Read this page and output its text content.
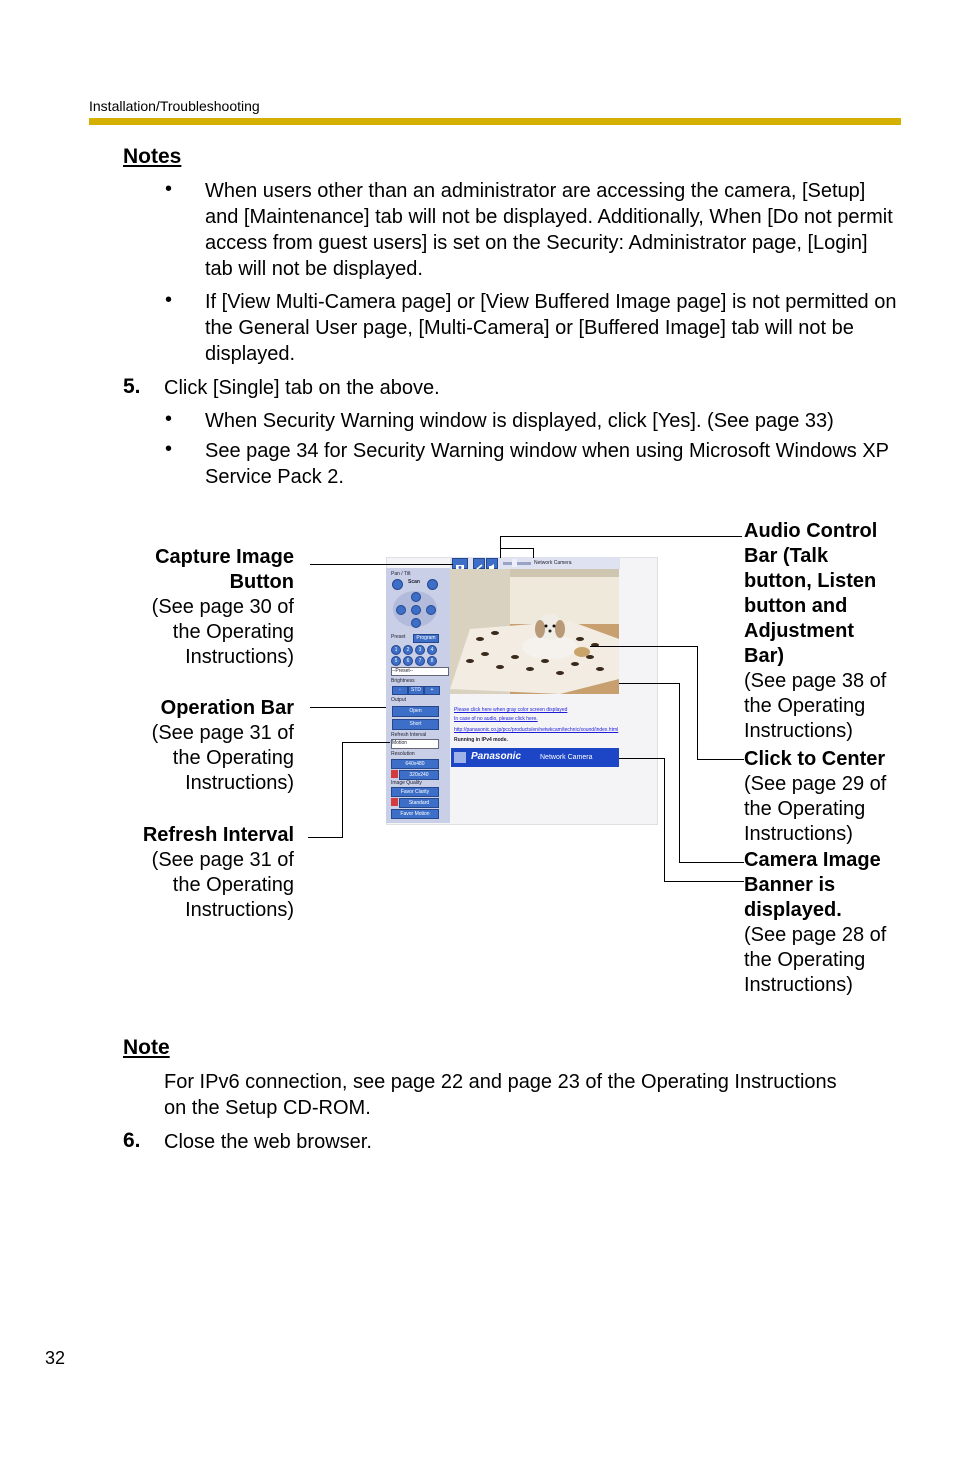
Installation/Troubleshooting
Notes
• When users other than an administrator are accessing the camera, [Setup] and [Maintenance] tab will not be displayed. Additionally, When [Do not permit access from guest users] is set on the Security: Administrator page, [Login] tab will not be displayed.
• If [View Multi-Camera page] or [View Buffered Image page] is not permitted on the General User page, [Multi-Camera] or [Buffered Image] tab will not be displayed.
5. Click [Single] tab on the above.
• When Security Warning window is displayed, click [Yes]. (See page 33)
• See page 34 for Security Warning window when using Microsoft Windows XP Service Pack 2.
Capture Image
Button
(See page 30 of
the Operating
Instructions)
Operation Bar
(See page 31 of
the Operating
Instructions)
Refresh Interval
(See page 31 of
the Operating
Instructions)
Audio Control
Bar (Talk
button, Listen
button and
Adjustment
Bar)
(See page 38 of
the Operating
Instructions)
Click to Center
(See page 29 of
the Operating
Instructions)
Camera Image
Banner is
displayed.
(See page 28 of
the Operating
Instructions)
Network Camera
Pan / Tilt
Scan
Preset	Program
1	2	3	4
5	6	7	8
--Preset--
Brightness
-	STD	+
Output
Open
Short
Refresh Interval
Motion
Resolution
640x480
320x240
Image Quality
Favor Clarity
Standard
Favor Motion
Please click here when gray color screen displayed
In case of no audio, please click here.
http://panasonic.co.jp/pcc/products/en/netwkcam/technic/sound/index.html
Running in IPv4 mode.
Panasonic	Network Camera
Note
For IPv6 connection, see page 22 and page 23 of the Operating Instructions
on the Setup CD-ROM.
6. Close the web browser.
32
